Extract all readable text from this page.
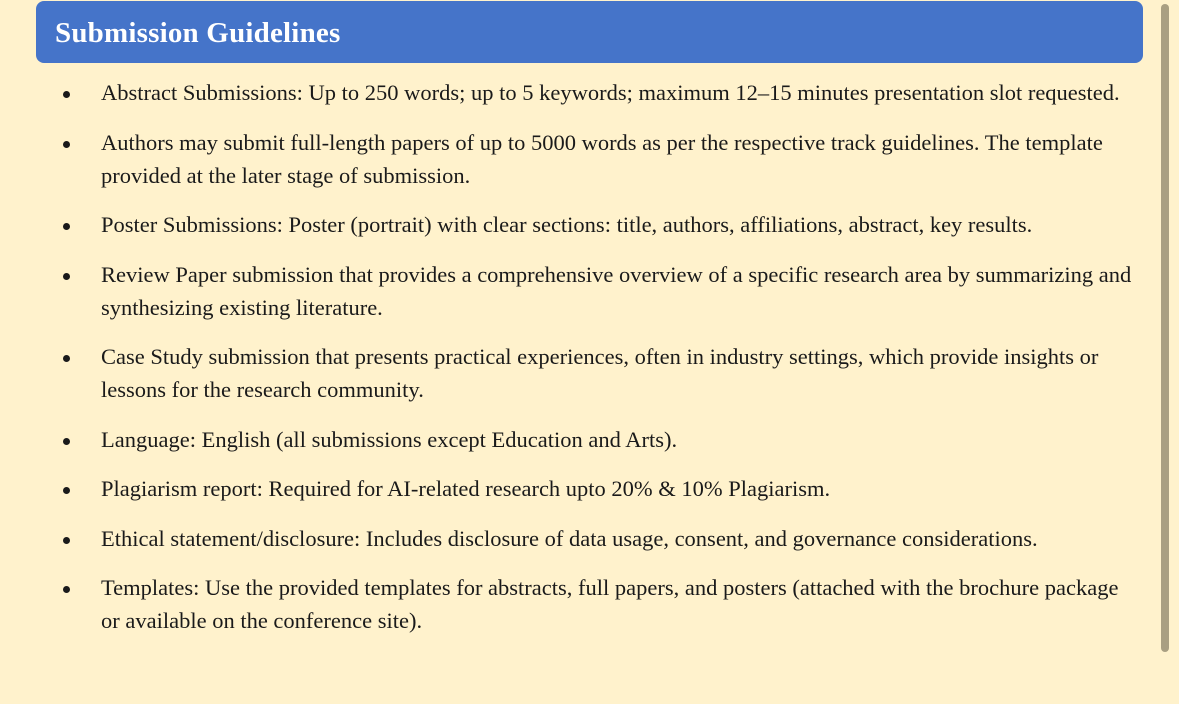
Submission Guidelines
Abstract Submissions: Up to 250 words; up to 5 keywords; maximum 12–15 minutes presentation slot requested.
Authors may submit full-length papers of up to 5000 words as per the respective track guidelines. The template provided at the later stage of submission.
Poster Submissions: Poster (portrait) with clear sections: title, authors, affiliations, abstract, key results.
Review Paper submission that provides a comprehensive overview of a specific research area by summarizing and synthesizing existing literature.
Case Study submission that presents practical experiences, often in industry settings, which provide insights or lessons for the research community.
Language: English (all submissions except Education and Arts).
Plagiarism report: Required for AI-related research upto 20% & 10% Plagiarism.
Ethical statement/disclosure: Includes disclosure of data usage, consent, and governance considerations.
Templates: Use the provided templates for abstracts, full papers, and posters (attached with the brochure package or available on the conference site).
